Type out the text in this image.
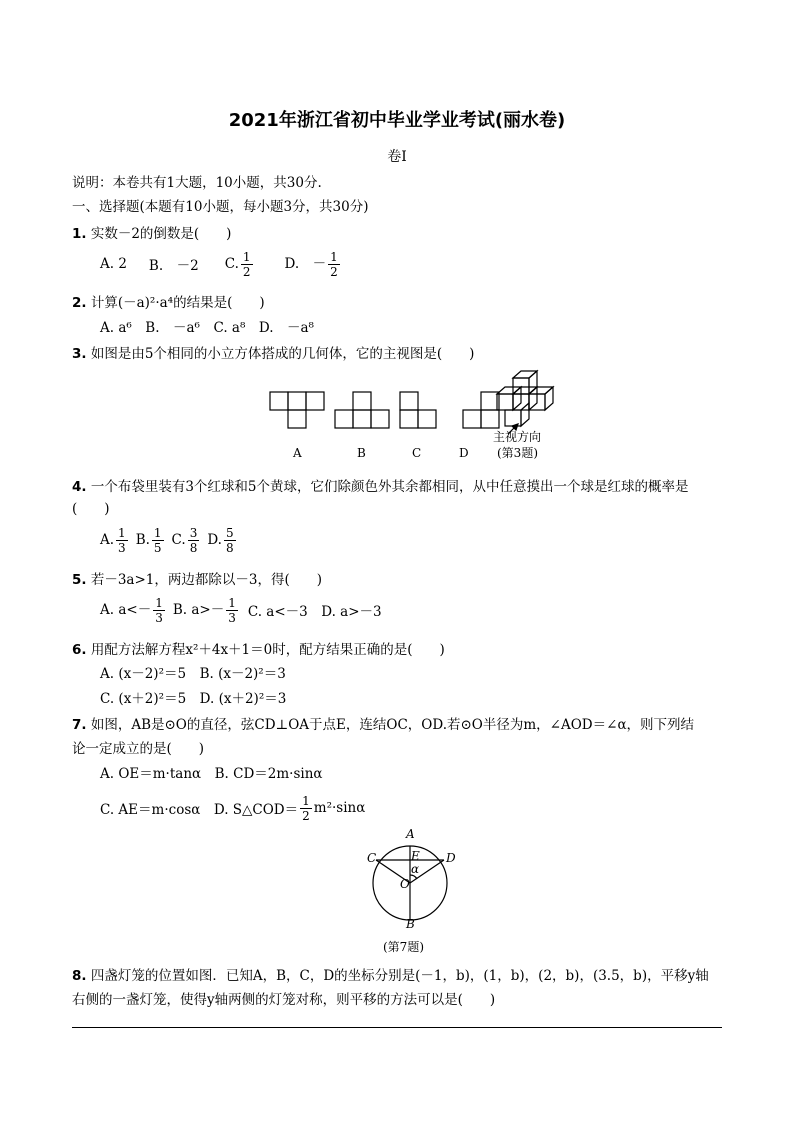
2021年浙江省初中毕业学业考试(丽水卷)
卷Ⅰ
说明：本卷共有1大题，10小题，共30分.
一、选择题(本题有10小题，每小题3分，共30分)
1. 实数－2的倒数是(　　)
A. 2 B.　－2 C. $\frac{1}{2} D$.　－ $\frac{1}{2}$
2. 计算(－a)²·a⁴的结果是(　　)
A. a⁶　B.　－a⁶　C. a⁸　D.　－a⁸
3. 如图是由5个相同的小立方体搭成的几何体，它的主视图是(　　)
A	B	C	D
主视方向
(第3题)
4. 一个布袋里装有3个红球和5个黄球，它们除颜色外其余都相同，从中任意摸出一个球是红球的概率是
(　　)
A. $\frac{1}{3} B$. $\frac{1}{5} C$. $\frac{3}{8} D$. $\frac{5}{8}$
5. 若－3a>1，两边都除以－3，得(　　)
A. $a<- \frac{1}{3} B$. $a>- \frac{1}{3} C$. a<－3　D. a>－3
6. 用配方法解方程x²＋4x＋1＝0时，配方结果正确的是(　　)
A. (x－2)²＝5　B. (x－2)²＝3
C. (x＋2)²＝5　D. (x＋2)²＝3
7. 如图，AB是⊙O的直径，弦CD⊥OA于点E，连结OC，OD.若⊙O半径为m，∠AOD＝∠α，则下列结
论一定成立的是(　　)
A. OE＝m·tanα　B. CD＝2m·sinα
C. AE＝m·cosα　D. S△COD＝ $\frac{1}{2} m^2\cdot\sin\alpha$
A
C	D
E
α
O
B
(第7题)
8. 四盏灯笼的位置如图．已知A，B，C，D的坐标分别是(－1，b)，(1，b)，(2，b)，(3.5，b)，平移y轴
右侧的一盏灯笼，使得y轴两侧的灯笼对称，则平移的方法可以是(　　)
